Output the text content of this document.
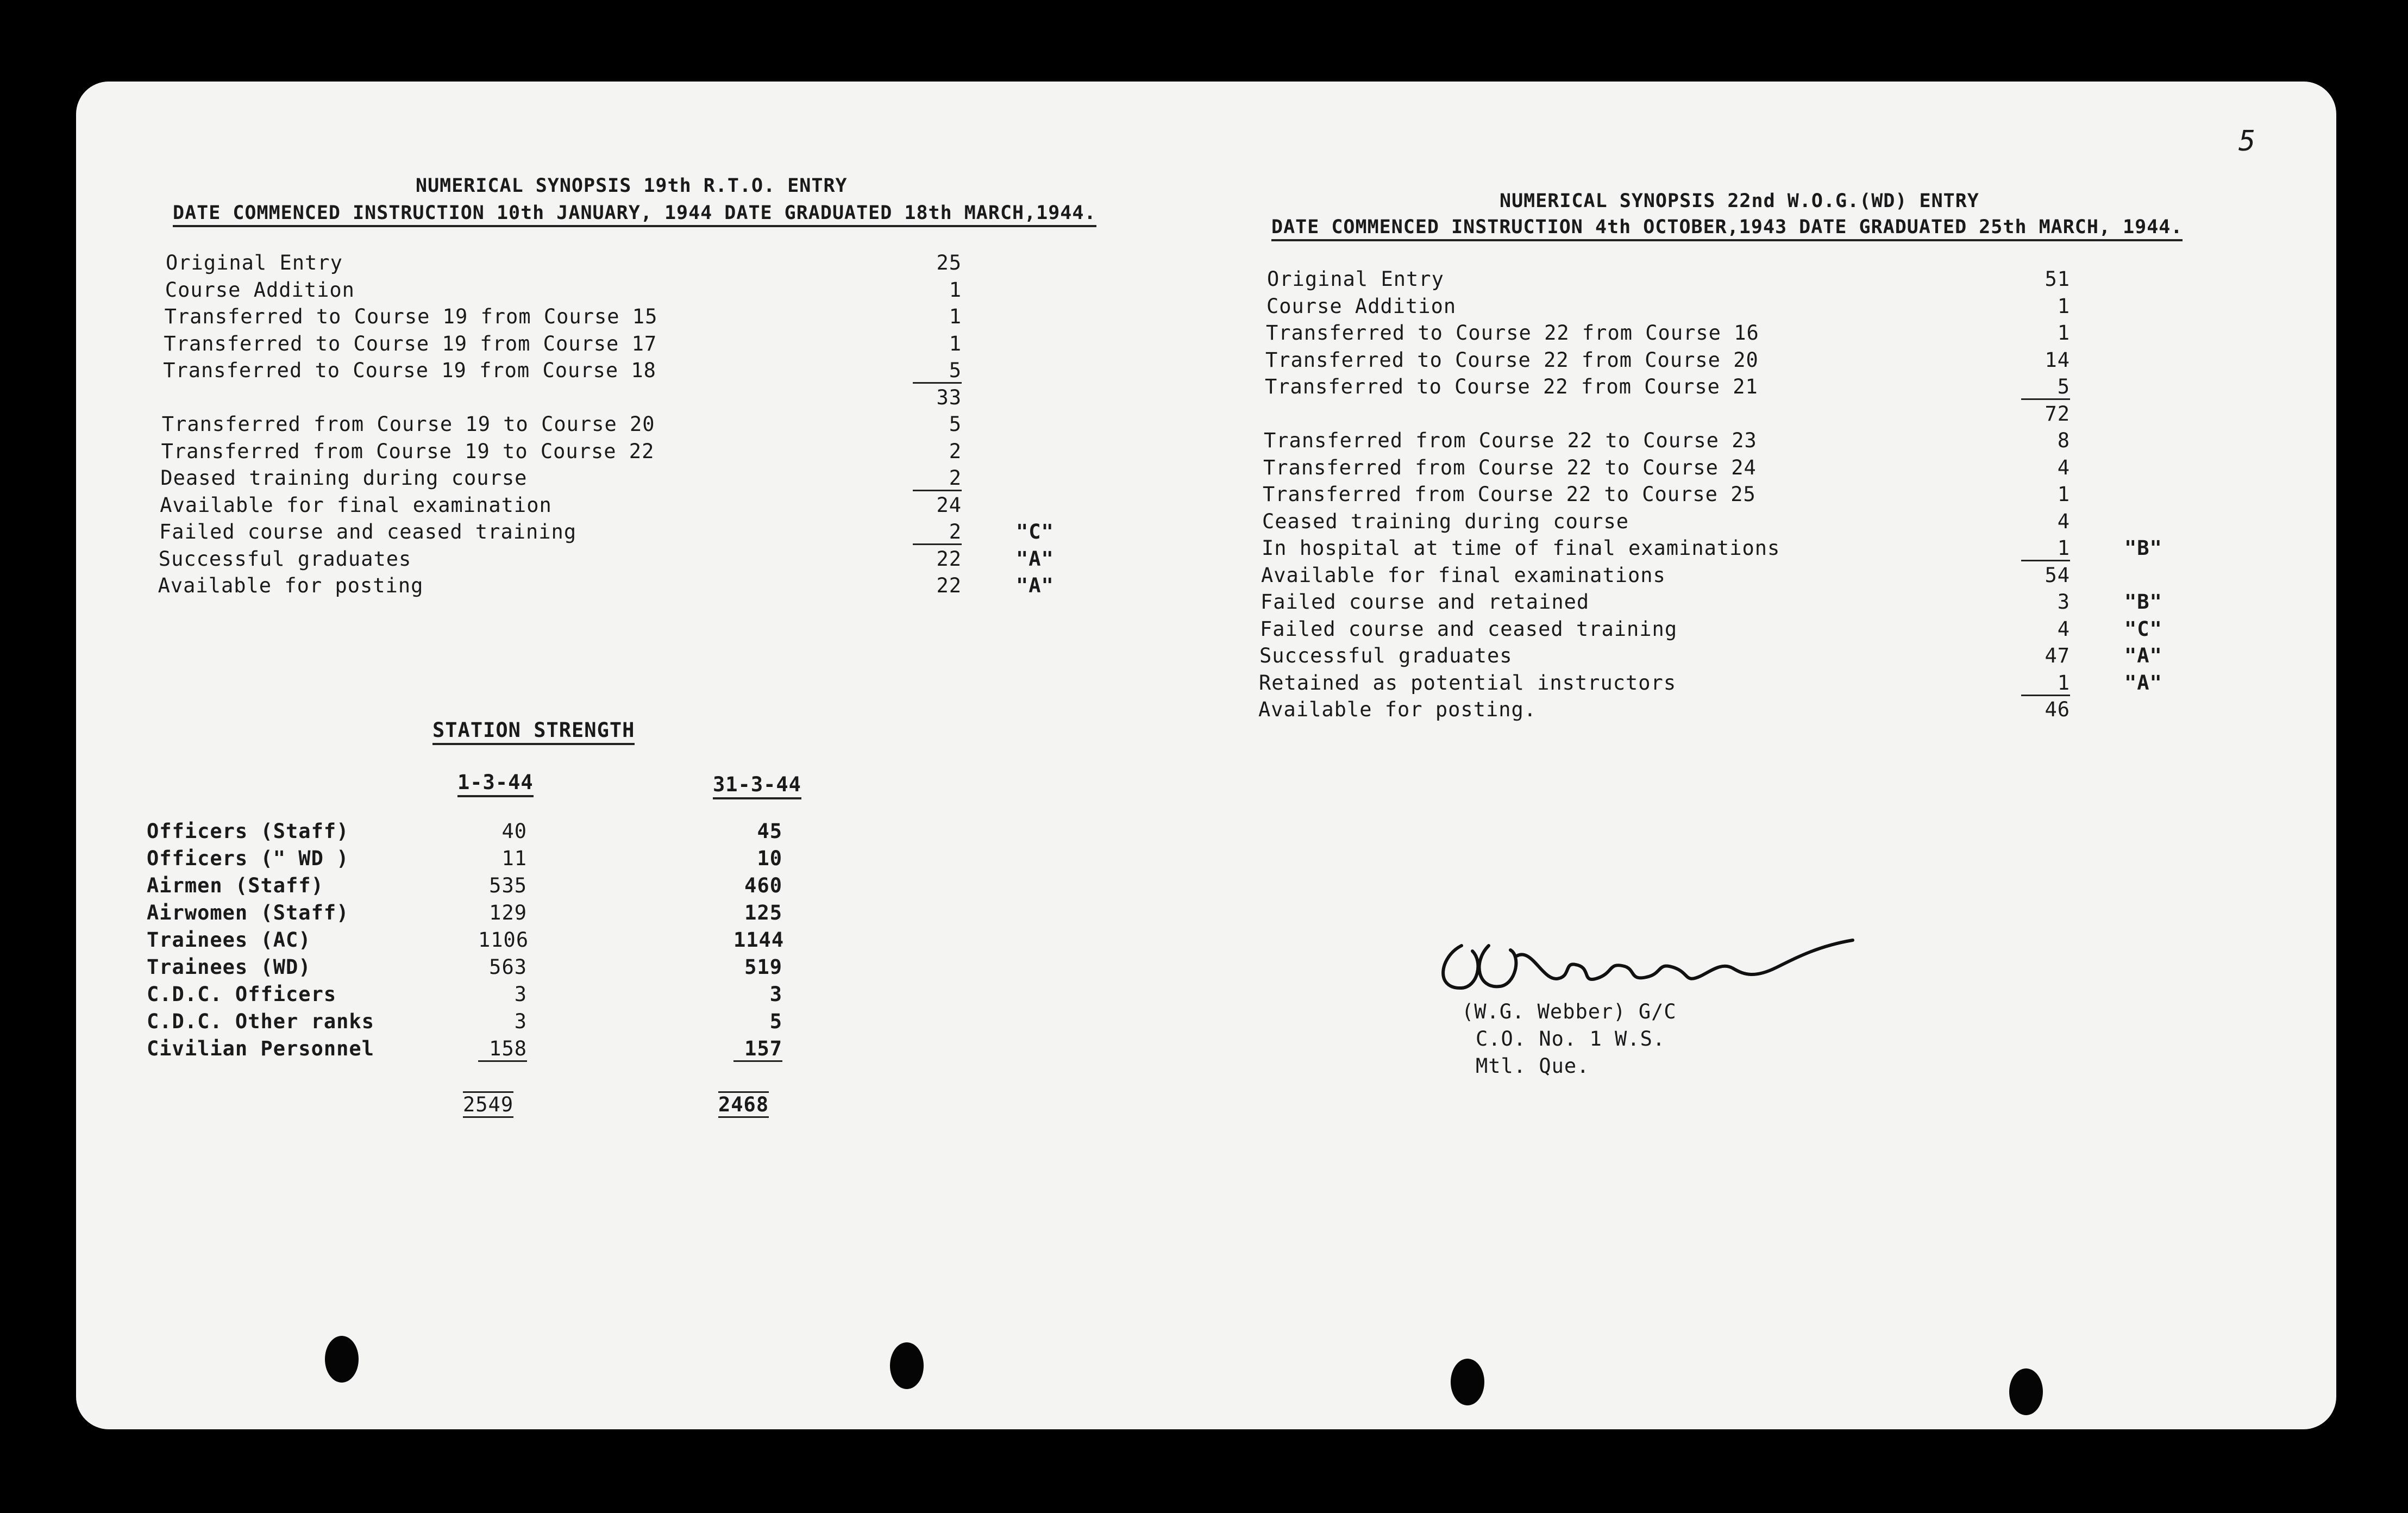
5
NUMERICAL SYNOPSIS 19th R.T.O. ENTRY
DATE COMMENCED INSTRUCTION 10th JANUARY, 1944 DATE GRADUATED 18th MARCH,1944.
Original Entry	25
Course Addition	1
Transferred to Course 19 from Course 15	1
Transferred to Course 19 from Course 17	1
Transferred to Course 19 from Course 18	5
33
Transferred from Course 19 to Course 20	5
Transferred from Course 19 to Course 22	2
Deased training during course	2
Available for final examination	24
Failed course and ceased training	2	"C"
Successful graduates	22	"A"
Available for posting	22	"A"
NUMERICAL SYNOPSIS 22nd W.O.G.(WD) ENTRY
DATE COMMENCED INSTRUCTION 4th OCTOBER,1943 DATE GRADUATED 25th MARCH, 1944.
Original Entry	51
Course Addition	1
Transferred to Course 22 from Course 16	1
Transferred to Course 22 from Course 20	14
Transferred to Course 22 from Course 21	5
72
Transferred from Course 22 to Course 23	8
Transferred from Course 22 to Course 24	4
Transferred from Course 22 to Course 25	1
Ceased training during course	4
In hospital at time of final examinations	1	"B"
Available for final examinations	54
Failed course and retained	3	"B"
Failed course and ceased training	4	"C"
Successful graduates	47	"A"
Retained as potential instructors	1	"A"
Available for posting.	46
STATION STRENGTH
1-3-44	31-3-44
Officers (Staff)	40	45
Officers (" WD )	11	10
Airmen (Staff)	535	460
Airwomen (Staff)	129	125
Trainees (AC)	1106	1144
Trainees (WD)	563	519
C.D.C. Officers	3	3
C.D.C. Other ranks	3	5
Civilian Personnel	158	157
2549	2468
(W.G. Webber) G/C
C.O. No. 1 W.S.
Mtl. Que.
